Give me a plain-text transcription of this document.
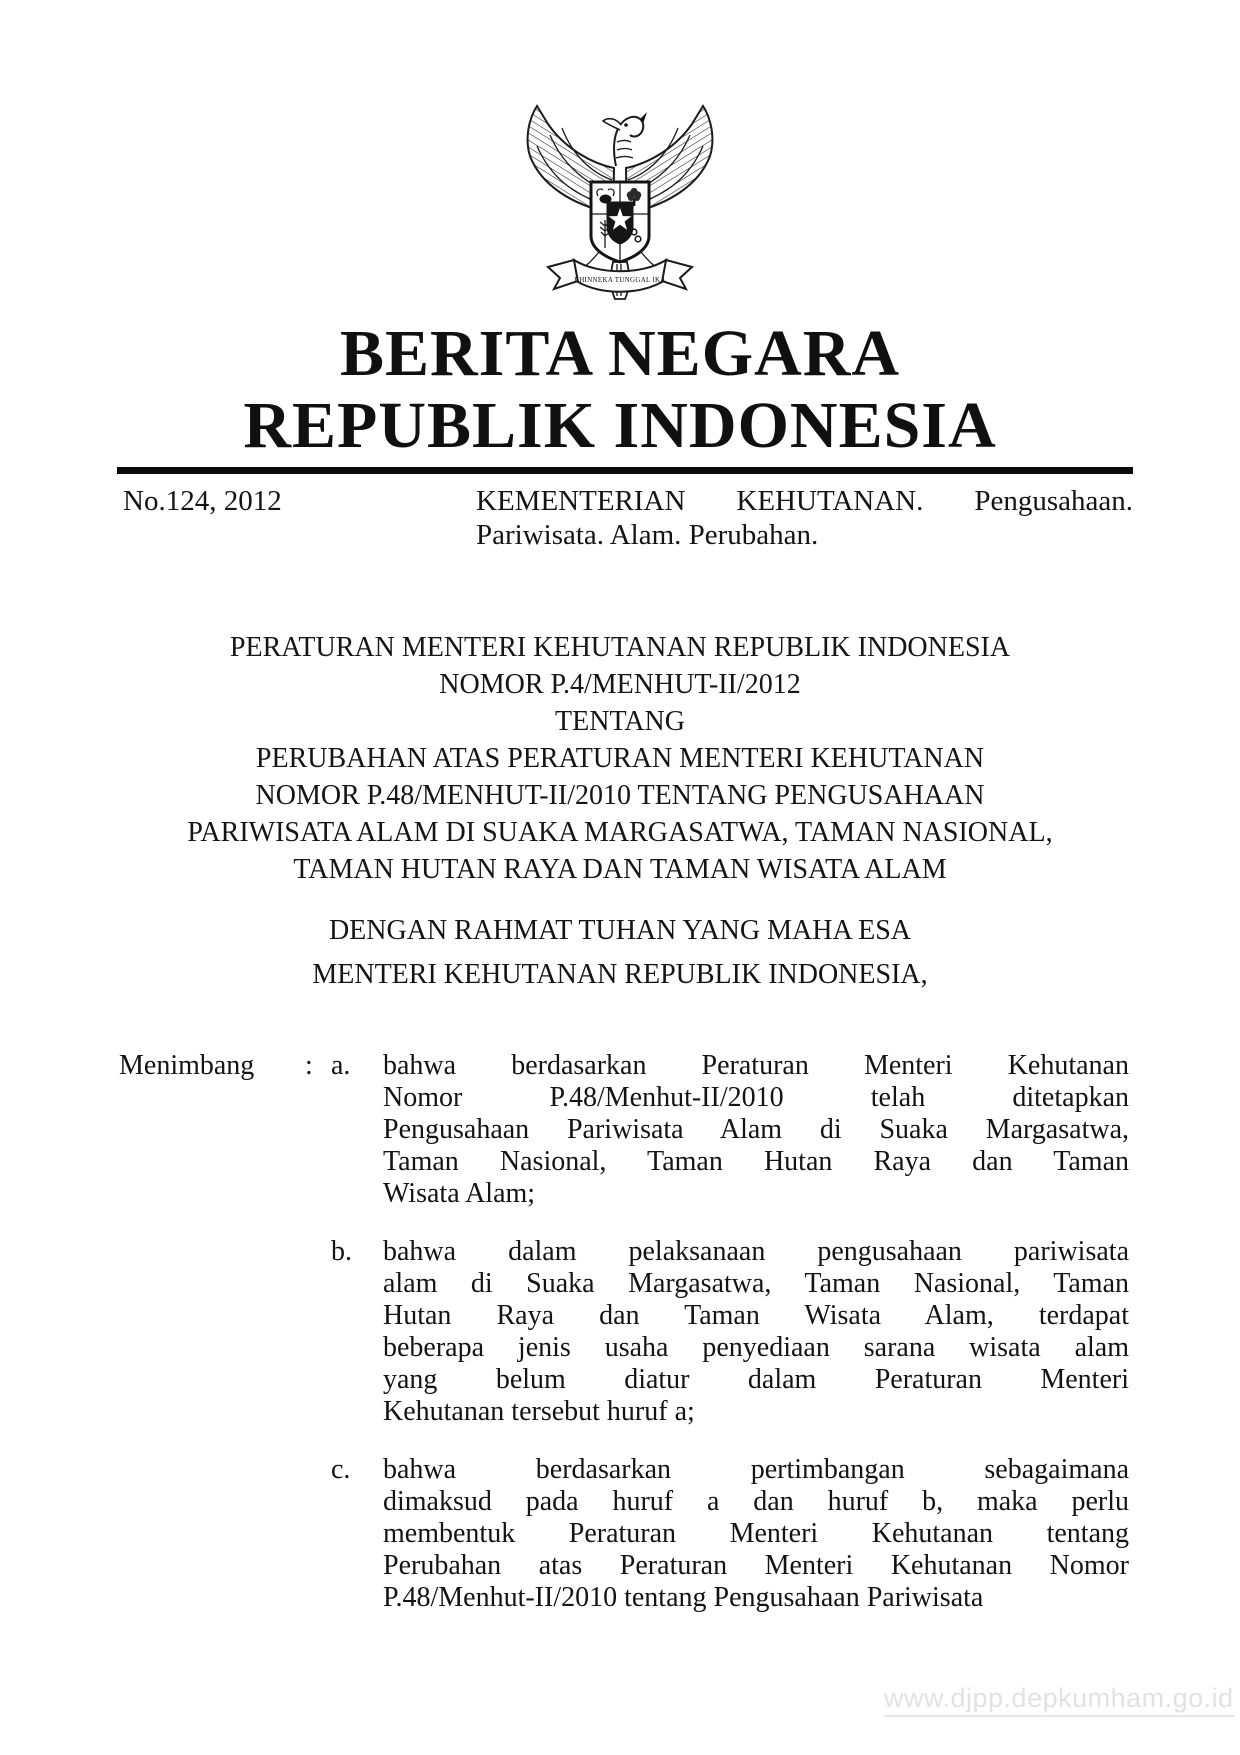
BHINNEKA TUNGGAL IKA
BERITA NEGARA
REPUBLIK INDONESIA
No.124, 2012	KEMENTERIAN KEHUTANAN. Pengusahaan.
Pariwisata. Alam. Perubahan.
PERATURAN MENTERI KEHUTANAN REPUBLIK INDONESIA
NOMOR P.4/MENHUT-II/2012
TENTANG
PERUBAHAN ATAS PERATURAN MENTERI KEHUTANAN
NOMOR P.48/MENHUT-II/2010 TENTANG PENGUSAHAAN
PARIWISATA ALAM DI SUAKA MARGASATWA, TAMAN NASIONAL,
TAMAN HUTAN RAYA DAN TAMAN WISATA ALAM
DENGAN RAHMAT TUHAN YANG MAHA ESA
MENTERI KEHUTANAN REPUBLIK INDONESIA,
Menimbang	: a.	bahwa berdasarkan Peraturan Menteri Kehutanan
Nomor P.48/Menhut-II/2010 telah ditetapkan
Pengusahaan Pariwisata Alam di Suaka Margasatwa,
Taman Nasional, Taman Hutan Raya dan Taman
Wisata Alam;
b.	bahwa dalam pelaksanaan pengusahaan pariwisata
alam di Suaka Margasatwa, Taman Nasional, Taman
Hutan Raya dan Taman Wisata Alam, terdapat
beberapa jenis usaha penyediaan sarana wisata alam
yang belum diatur dalam Peraturan Menteri
Kehutanan tersebut huruf a;
c.	bahwa berdasarkan pertimbangan sebagaimana
dimaksud pada huruf a dan huruf b, maka perlu
membentuk Peraturan Menteri Kehutanan tentang
Perubahan atas Peraturan Menteri Kehutanan Nomor
P.48/Menhut-II/2010 tentang Pengusahaan Pariwisata
www.djpp.depkumham.go.id
